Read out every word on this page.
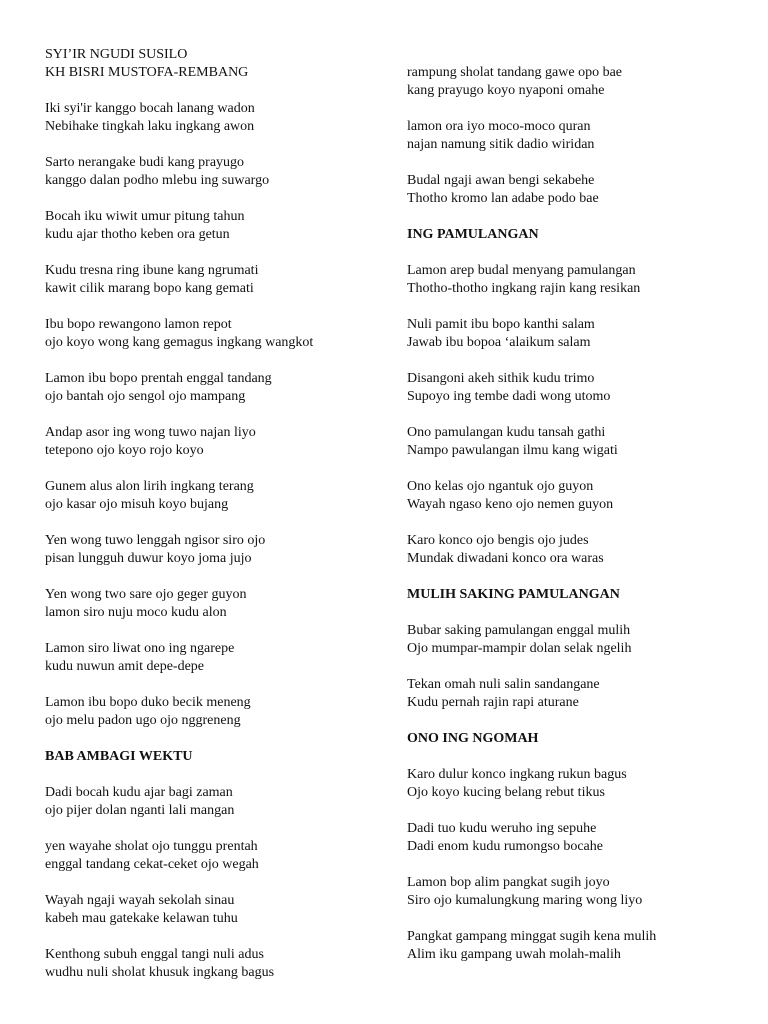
SYI’IR NGUDI SUSILO
KH BISRI MUSTOFA-REMBANG
Iki syi'ir kanggo bocah lanang wadon
Nebihake tingkah laku ingkang awon
Sarto nerangake budi kang prayugo
kanggo dalan podho mlebu ing suwargo
Bocah iku wiwit umur pitung tahun
kudu ajar thotho keben ora getun
Kudu tresna ring ibune kang ngrumati
kawit cilik marang bopo kang gemati
Ibu bopo rewangono lamon repot
ojo koyo wong kang gemagus ingkang wangkot
Lamon ibu bopo prentah enggal tandang
ojo bantah ojo sengol ojo mampang
Andap asor ing wong tuwo najan liyo
tetepono ojo koyo rojo koyo
Gunem alus alon lirih ingkang terang
ojo kasar ojo misuh koyo bujang
Yen wong tuwo lenggah ngisor siro ojo
pisan lungguh duwur koyo joma jujo
Yen wong two sare ojo geger guyon
lamon siro nuju moco kudu alon
Lamon siro liwat ono ing ngarepe
kudu nuwun amit depe-depe
Lamon ibu bopo duko becik meneng
ojo melu padon ugo ojo nggreneng
BAB AMBAGI WEKTU
Dadi bocah kudu ajar bagi zaman
ojo pijer dolan nganti lali mangan
yen wayahe sholat ojo tunggu prentah
enggal tandang cekat-ceket ojo wegah
Wayah ngaji wayah sekolah sinau
kabeh mau gatekake kelawan tuhu
Kenthong subuh enggal tangi nuli adus
wudhu nuli sholat khusuk ingkang bagus
rampung sholat tandang gawe opo bae
kang prayugo koyo nyaponi omahe
lamon ora iyo moco-moco quran
najan namung sitik dadio wiridan
Budal ngaji awan bengi sekabehe
Thotho kromo lan adabe podo bae
ING PAMULANGAN
Lamon arep budal menyang pamulangan
Thotho-thotho ingkang rajin kang resikan
Nuli pamit ibu bopo kanthi salam
Jawab ibu bopoa ‘alaikum salam
Disangoni akeh sithik kudu trimo
Supoyo ing tembe dadi wong utomo
Ono pamulangan kudu tansah gathi
Nampo pawulangan ilmu kang wigati
Ono kelas ojo ngantuk ojo guyon
Wayah ngaso keno ojo nemen guyon
Karo konco ojo bengis ojo judes
Mundak diwadani konco ora waras
MULIH SAKING PAMULANGAN
Bubar saking pamulangan enggal mulih
Ojo mumpar-mampir dolan selak ngelih
Tekan omah nuli salin sandangane
Kudu pernah rajin rapi aturane
ONO ING NGOMAH
Karo dulur konco ingkang rukun bagus
Ojo koyo kucing belang rebut tikus
Dadi tuo kudu weruho ing sepuhe
Dadi enom kudu rumongso bocahe
Lamon bop alim pangkat sugih joyo
Siro ojo kumalungkung maring wong liyo
Pangkat gampang minggat sugih kena mulih
Alim iku gampang uwah molah-malih
